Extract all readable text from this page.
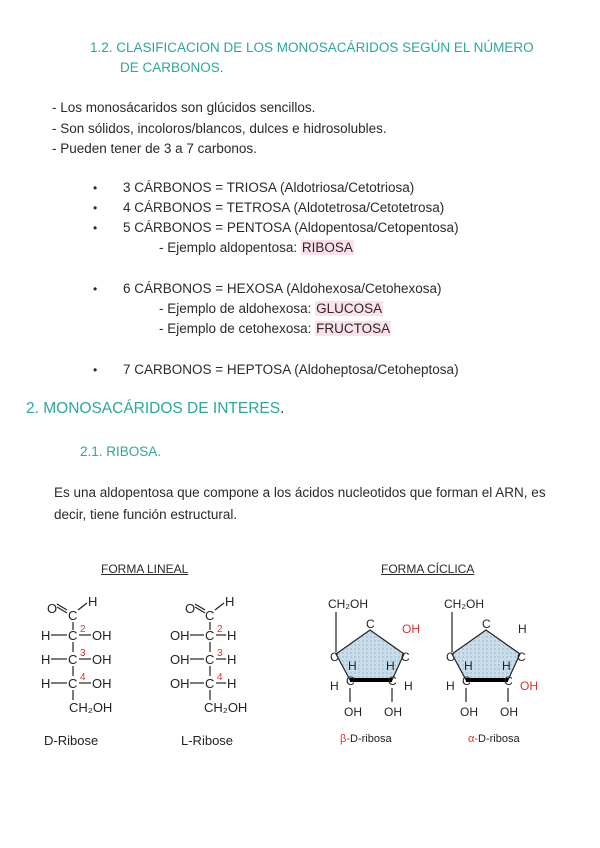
1.2. CLASIFICACION DE LOS MONOSACÁRIDOS SEGÚN EL NÚMERO
DE CARBONOS.
- Los monosácaridos son glúcidos sencillos.
- Son sólidos, incoloros/blancos, dulces e hidrosolubles.
- Pueden tener de 3 a 7 carbonos.
• 3 CÁRBONOS = TRIOSA (Aldotriosa/Cetotriosa)
• 4 CÁRBONOS = TETROSA (Aldotetrosa/Cetotetrosa)
• 5 CÁRBONOS = PENTOSA (Aldopentosa/Cetopentosa)
- Ejemplo aldopentosa: RIBOSA
• 6 CÁRBONOS = HEXOSA (Aldohexosa/Cetohexosa)
- Ejemplo de aldohexosa: GLUCOSA
- Ejemplo de cetohexosa: FRUCTOSA
• 7 CARBONOS = HEPTOSA (Aldoheptosa/Cetoheptosa)
2. MONOSACÁRIDOS DE INTERES.
2.1. RIBOSA.
Es una aldopentosa que compone a los ácidos nucleotidos que forman el ARN, es decir, tiene función estructural.
FORMA LINEAL	FORMA CÍCLICA
O C
H
H C 2 OH
H C 3 OH
H C 4 OH
CH₂OH
D-Ribose
O C
H
OH C 2 H
OH C 3 H
OH C 4 H
CH₂OH
L-Ribose
CH₂OH
C OH
C	C
H H
H C	C H
OH OH
β-D-ribosa
CH₂OH
C H
C	C
H H
H C	C OH
OH OH
α-D-ribosa
